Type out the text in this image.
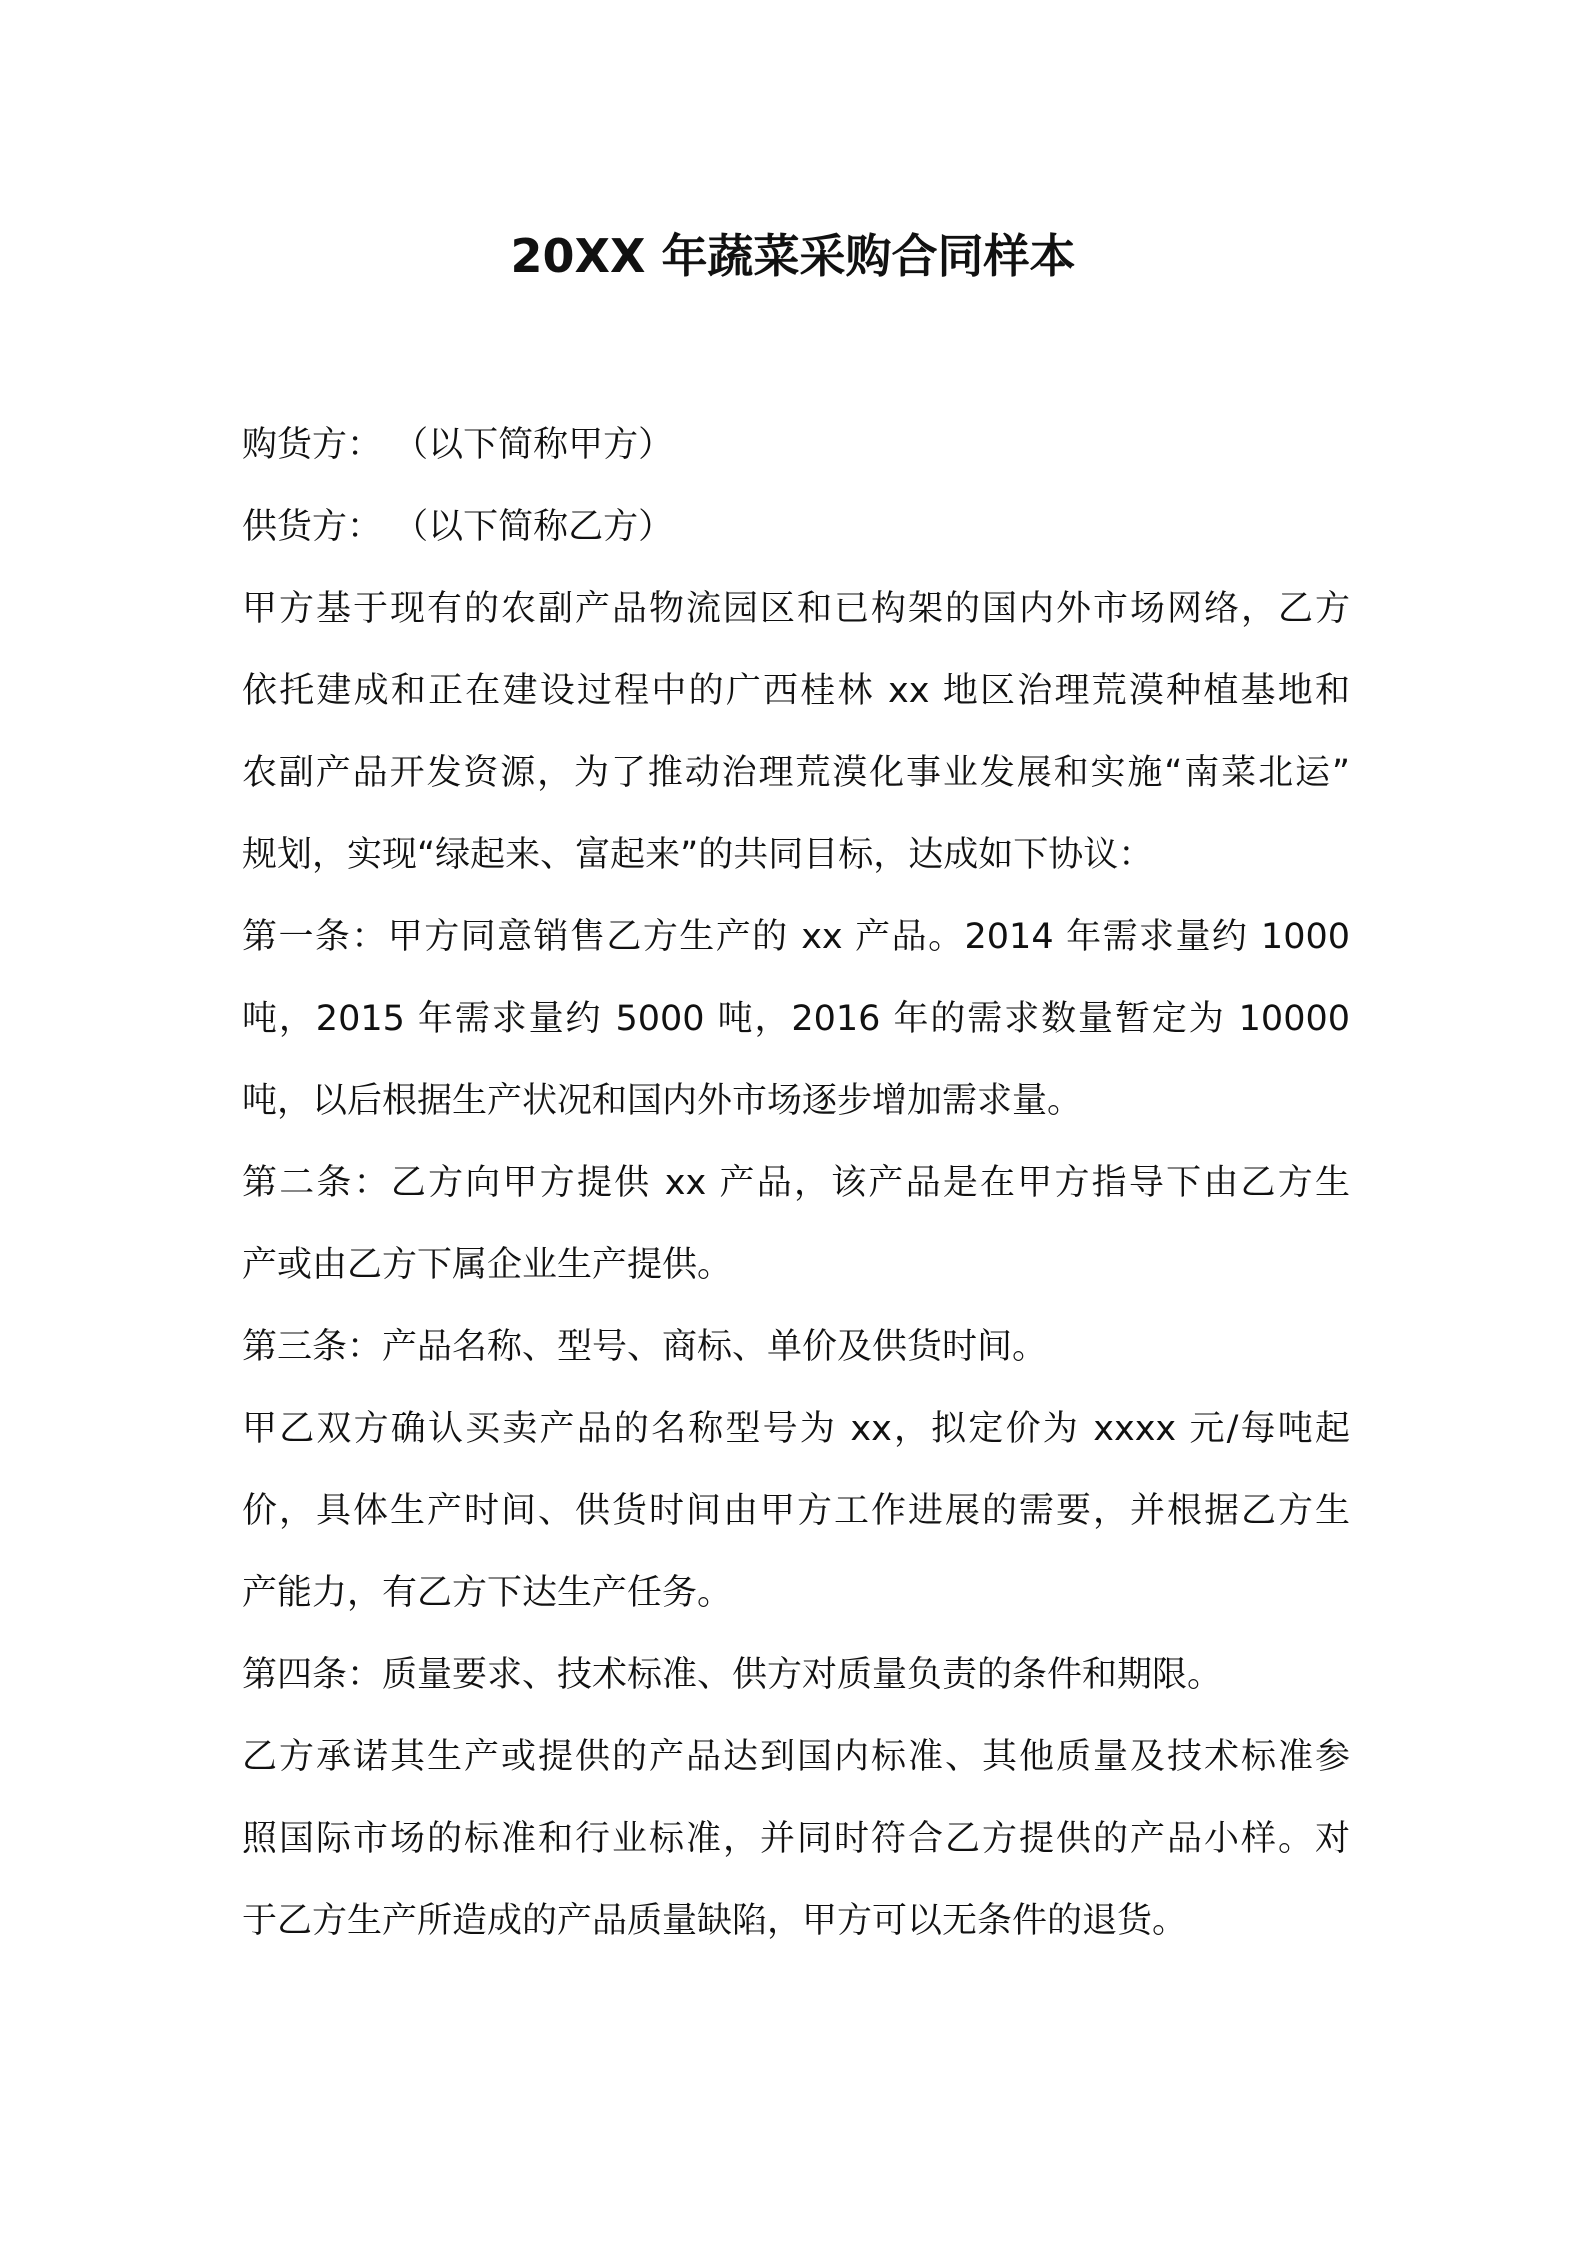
20XX 年蔬菜采购合同样本
购货方： （以下简称甲方）
供货方： （以下简称乙方）
甲方基于现有的农副产品物流园区和已构架的国内外市场网络，乙方
依托建成和正在建设过程中的广西桂林 xx 地区治理荒漠种植基地和
农副产品开发资源，为了推动治理荒漠化事业发展和实施“南菜北运”
规划，实现“绿起来、富起来”的共同目标，达成如下协议：
第一条：甲方同意销售乙方生产的 xx 产品。2014 年需求量约 1000
吨，2015 年需求量约 5000 吨，2016 年的需求数量暂定为 10000
吨，以后根据生产状况和国内外市场逐步增加需求量。
第二条：乙方向甲方提供 xx 产品，该产品是在甲方指导下由乙方生
产或由乙方下属企业生产提供。
第三条：产品名称、型号、商标、单价及供货时间。
甲乙双方确认买卖产品的名称型号为 xx，拟定价为 xxxx 元/每吨起
价，具体生产时间、供货时间由甲方工作进展的需要，并根据乙方生
产能力，有乙方下达生产任务。
第四条：质量要求、技术标准、供方对质量负责的条件和期限。
乙方承诺其生产或提供的产品达到国内标准、其他质量及技术标准参
照国际市场的标准和行业标准，并同时符合乙方提供的产品小样。对
于乙方生产所造成的产品质量缺陷，甲方可以无条件的退货。
